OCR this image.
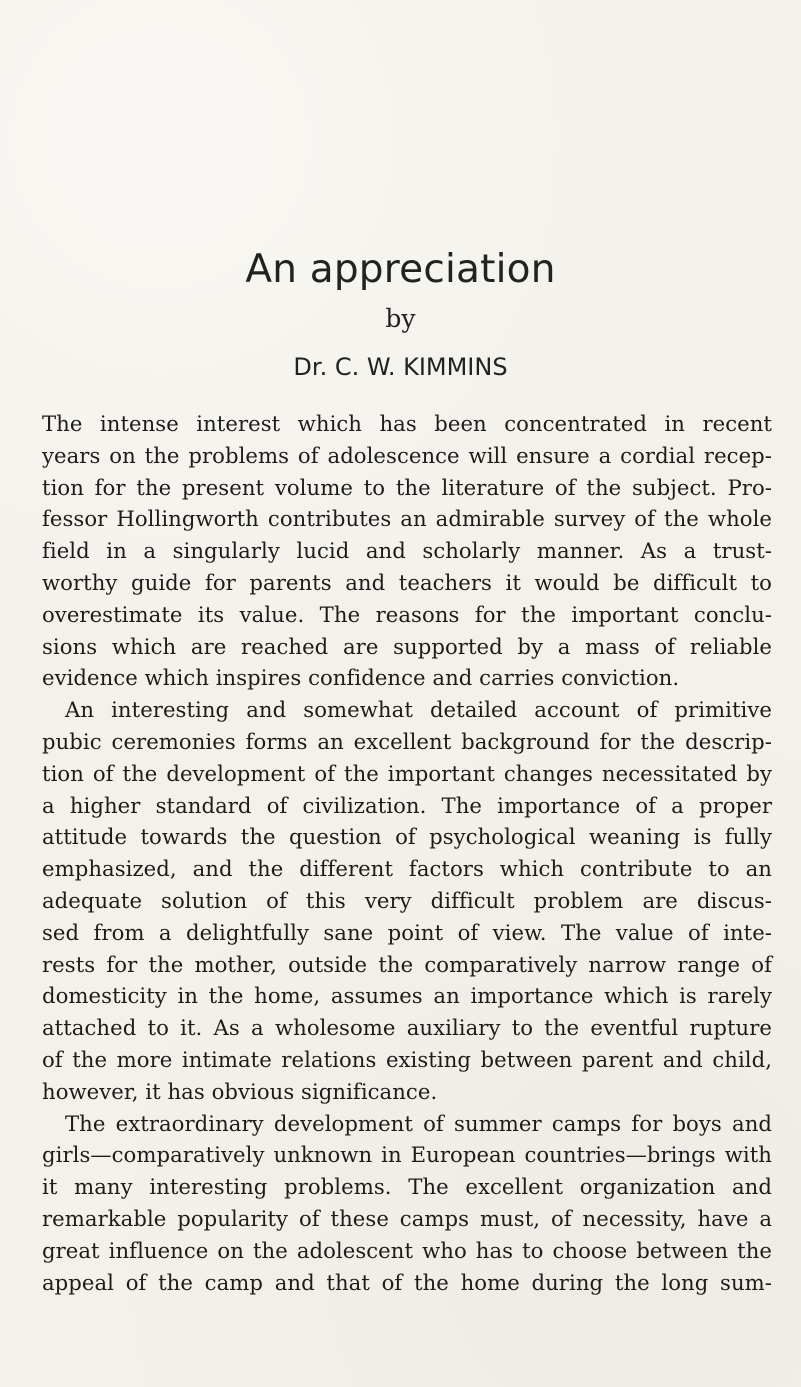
An appreciation
by
Dr. C. W. KIMMINS
The intense interest which has been concentrated in recent
years on the problems of adolescence will ensure a cordial recep-
tion for the present volume to the literature of the subject. Pro-
fessor Hollingworth contributes an admirable survey of the whole
field in a singularly lucid and scholarly manner. As a trust-
worthy guide for parents and teachers it would be difficult to
overestimate its value. The reasons for the important conclu-
sions which are reached are supported by a mass of reliable
evidence which inspires confidence and carries conviction.
An interesting and somewhat detailed account of primitive
pubic ceremonies forms an excellent background for the descrip-
tion of the development of the important changes necessitated by
a higher standard of civilization. The importance of a proper
attitude towards the question of psychological weaning is fully
emphasized, and the different factors which contribute to an
adequate solution of this very difficult problem are discus-
sed from a delightfully sane point of view. The value of inte-
rests for the mother, outside the comparatively narrow range of
domesticity in the home, assumes an importance which is rarely
attached to it. As a wholesome auxiliary to the eventful rupture
of the more intimate relations existing between parent and child,
however, it has obvious significance.
The extraordinary development of summer camps for boys and
girls—comparatively unknown in European countries—brings with
it many interesting problems. The excellent organization and
remarkable popularity of these camps must, of necessity, have a
great influence on the adolescent who has to choose between the
appeal of the camp and that of the home during the long sum-
